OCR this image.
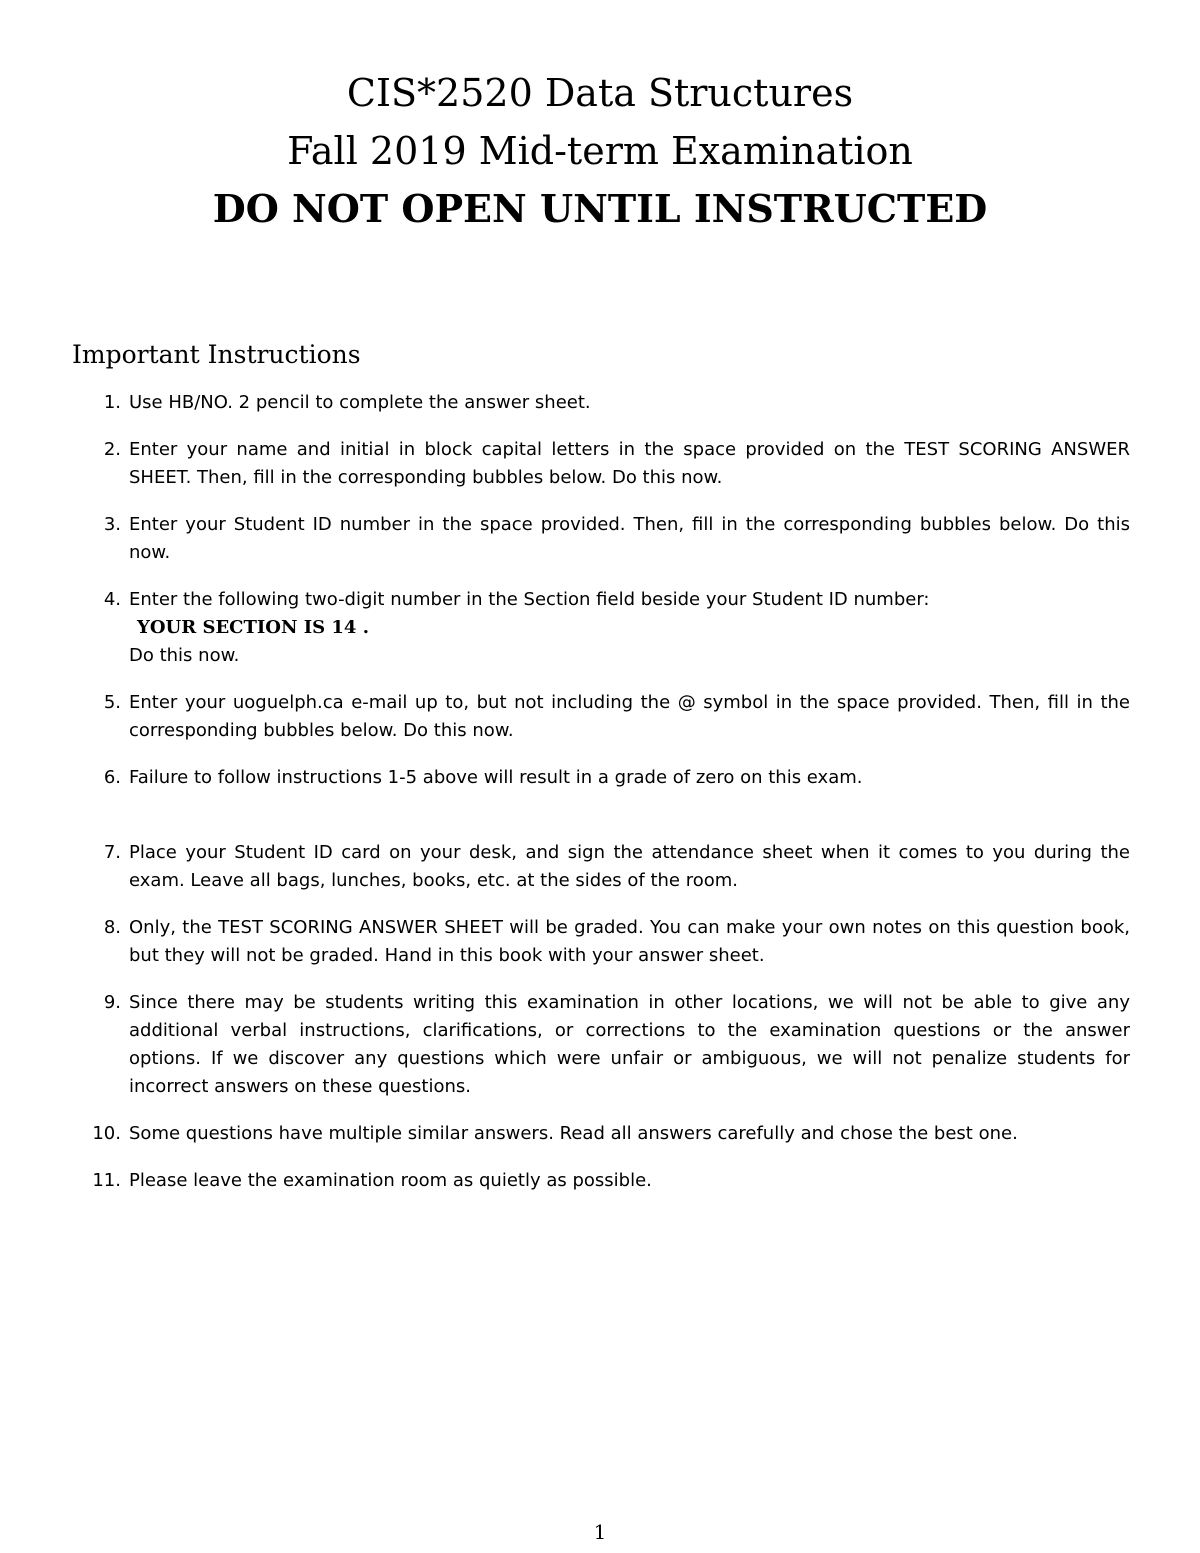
CIS*2520 Data Structures

Fall 2019 Mid-term Examination

DO NOT OPEN UNTIL INSTRUCTED

Important Instructions
1. Use HB/NO. 2 pencil to complete the answer sheet.
2. Enter your name and initial in block capital letters in the space provided on the TEST SCORING ANSWER SHEET. Then, fill in the corresponding bubbles below. Do this now.
3. Enter your Student ID number in the space provided. Then, fill in the corresponding bubbles below. Do this now.
4. Enter the following two-digit number in the Section field beside your Student ID number:
YOUR SECTION IS 14 .
Do this now.
5. Enter your uoguelph.ca e-mail up to, but not including the @ symbol in the space provided. Then, fill in the corresponding bubbles below. Do this now.
6. Failure to follow instructions 1-5 above will result in a grade of zero on this exam.
7. Place your Student ID card on your desk, and sign the attendance sheet when it comes to you during the exam. Leave all bags, lunches, books, etc. at the sides of the room.
8. Only, the TEST SCORING ANSWER SHEET will be graded. You can make your own notes on this question book, but they will not be graded. Hand in this book with your answer sheet.
9. Since there may be students writing this examination in other locations, we will not be able to give any additional verbal instructions, clarifications, or corrections to the examination questions or the answer options. If we discover any questions which were unfair or ambiguous, we will not penalize students for incorrect answers on these questions.
10. Some questions have multiple similar answers. Read all answers carefully and chose the best one.
11. Please leave the examination room as quietly as possible.
1
